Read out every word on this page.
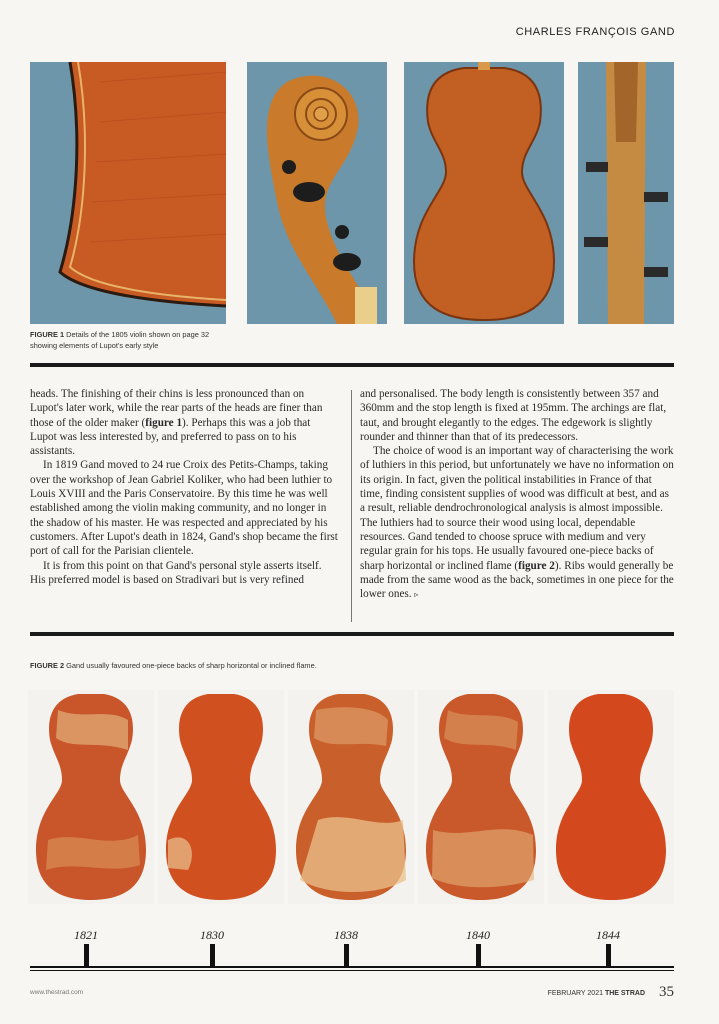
CHARLES FRANÇOIS GAND
FIGURE 1 Details of the 1805 violin shown on page 32
showing elements of Lupot's early style

heads. The finishing of their chins is less pronounced than on Lupot's later work, while the rear parts of the heads are finer than those of the older maker (figure 1). Perhaps this was a job that Lupot was less interested by, and preferred to pass on to his assistants.

In 1819 Gand moved to 24 rue Croix des Petits-Champs, taking over the workshop of Jean Gabriel Koliker, who had been luthier to Louis XVIII and the Paris Conservatoire. By this time he was well established among the violin making community, and no longer in the shadow of his master. He was respected and appreciated by his customers. After Lupot's death in 1824, Gand's shop became the first port of call for the Parisian clientele.

It is from this point on that Gand's personal style asserts itself. His preferred model is based on Stradivari but is very refined

and personalised. The body length is consistently between 357 and 360mm and the stop length is fixed at 195mm. The archings are flat, taut, and brought elegantly to the edges. The edgework is slightly rounder and thinner than that of its predecessors.

The choice of wood is an important way of characterising the work of luthiers in this period, but unfortunately we have no information on its origin. In fact, given the political instabilities in France of that time, finding consistent supplies of wood was difficult at best, and as a result, reliable dendrochronological analysis is almost impossible. The luthiers had to source their wood using local, dependable resources. Gand tended to choose spruce with medium and very regular grain for his tops. He usually favoured one-piece backs of sharp horizontal or inclined flame (figure 2). Ribs would generally be made from the same wood as the back, sometimes in one piece for the lower ones. ▹

FIGURE 2 Gand usually favoured one-piece backs of sharp horizontal or inclined flame.
1821	1830	1838	1840	1844
www.thestrad.com	FEBRUARY 2021 THE STRAD 35
